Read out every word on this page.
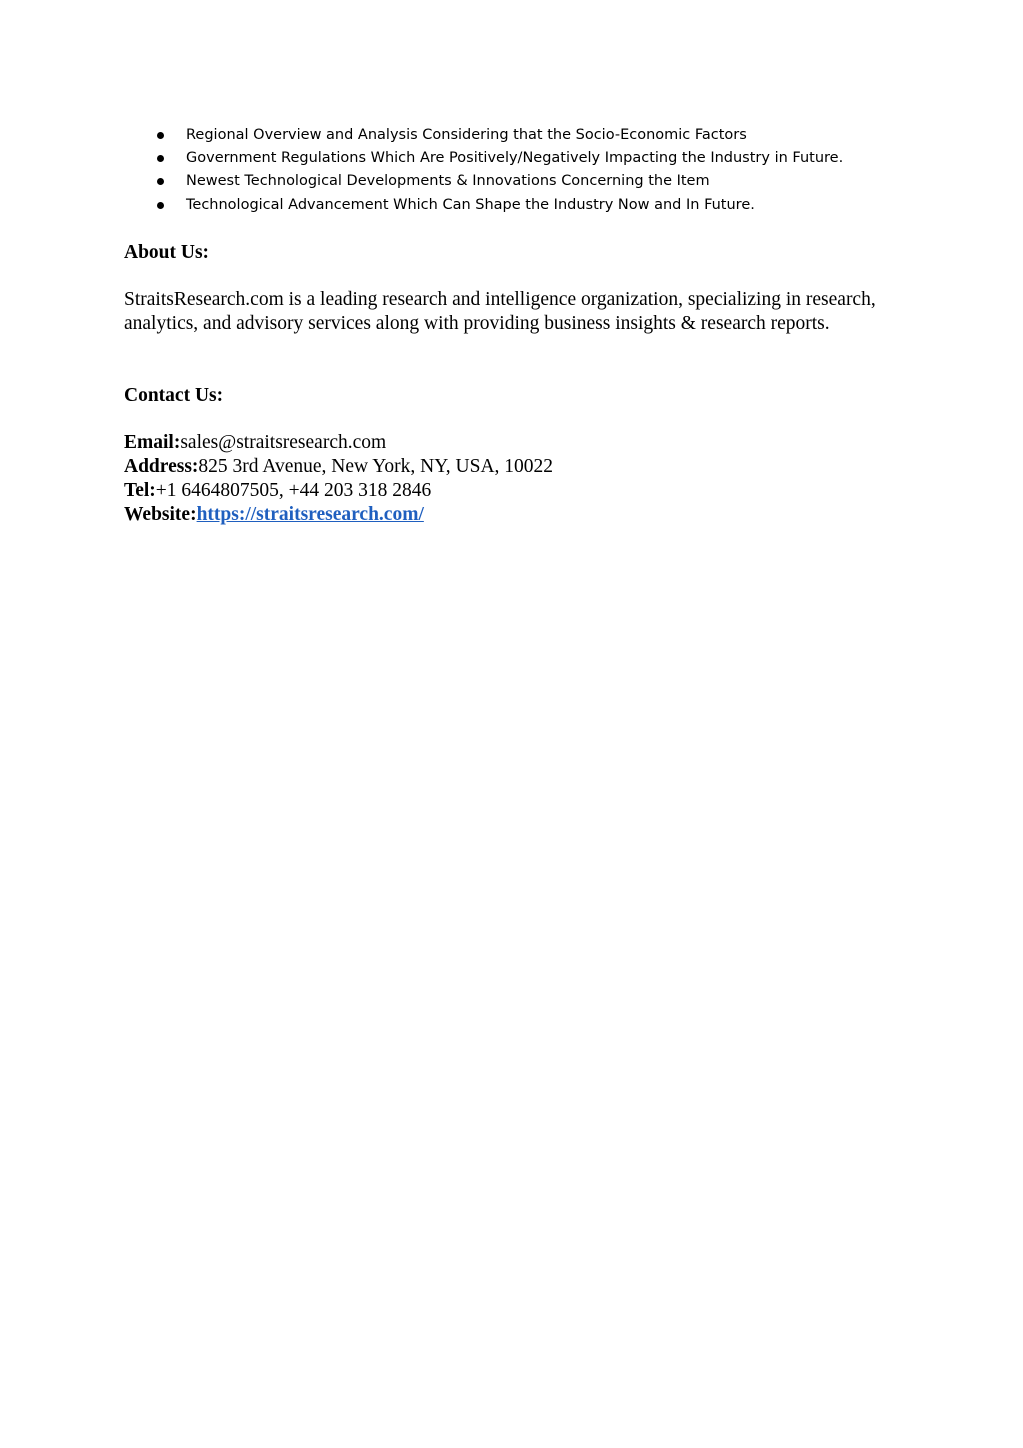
Regional Overview and Analysis Considering that the Socio-Economic Factors
Government Regulations Which Are Positively/Negatively Impacting the Industry in Future.
Newest Technological Developments & Innovations Concerning the Item
Technological Advancement Which Can Shape the Industry Now and In Future.
About Us:

StraitsResearch.com is a leading research and intelligence organization, specializing in research, analytics, and advisory services along with providing business insights & research reports.

Contact Us:
Email:sales@straitsresearch.com
Address:825 3rd Avenue, New York, NY, USA, 10022
Tel:+1 6464807505, +44 203 318 2846
Website:https://straitsresearch.com/
